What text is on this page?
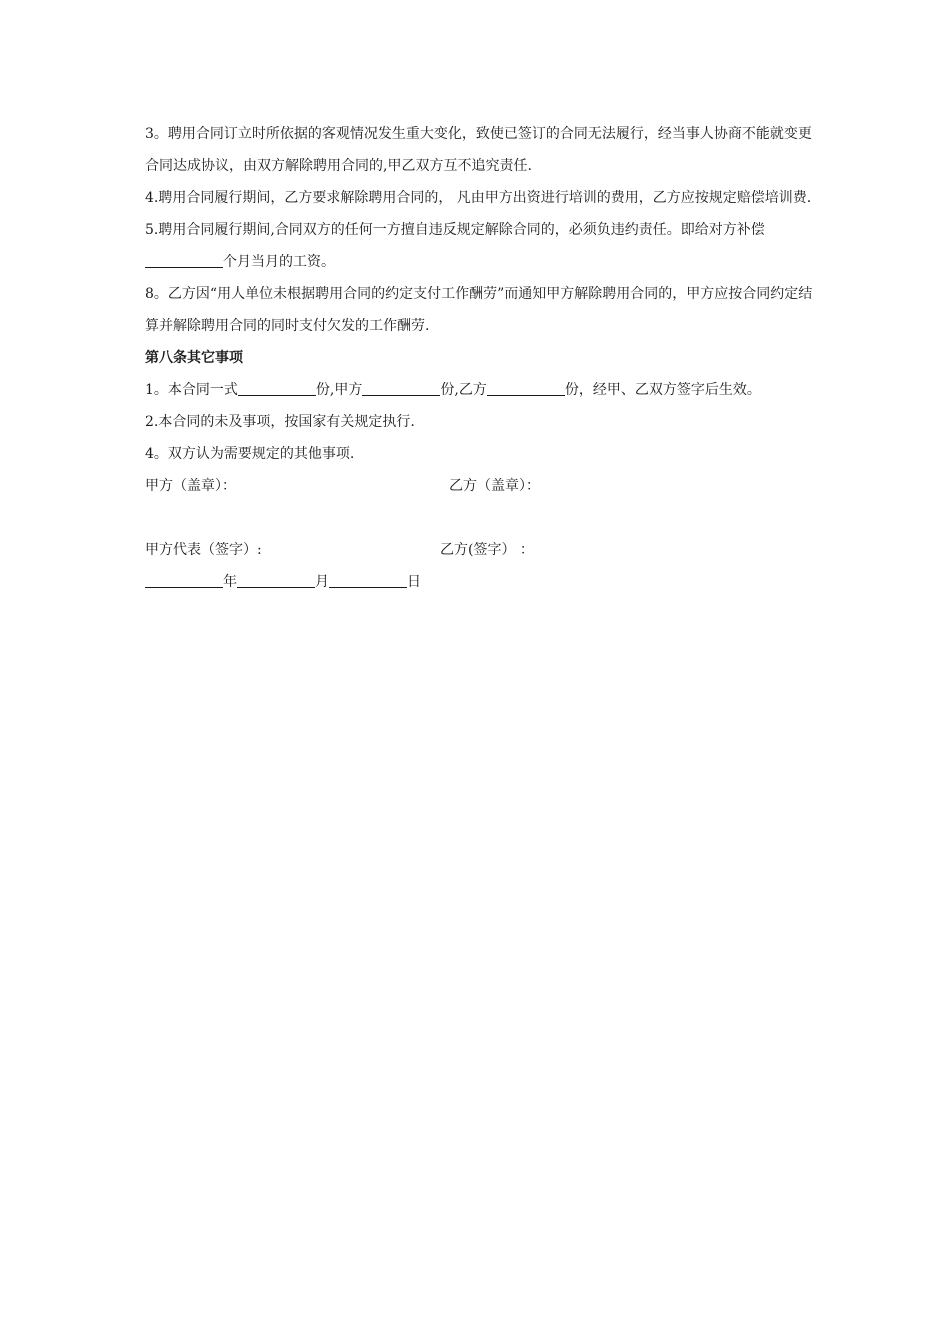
3。聘用合同订立时所依据的客观情况发生重大变化，致使已签订的合同无法履行，经当事人协商不能就变更合同达成协议，由双方解除聘用合同的,甲乙双方互不追究责任.

4.聘用合同履行期间，乙方要求解除聘用合同的， 凡由甲方出资进行培训的费用，乙方应按规定赔偿培训费.

5.聘用合同履行期间,合同双方的任何一方擅自违反规定解除合同的，必须负违约责任。即给对方补偿个月当月的工资。

8。乙方因“用人单位未根据聘用合同的约定支付工作酬劳”而通知甲方解除聘用合同的，甲方应按合同约定结算并解除聘用合同的同时支付欠发的工作酬劳.

第八条其它事项

1。本合同一式	份,甲方	份,乙方	份，经甲、乙双方签字后生效。

2.本合同的未及事项，按国家有关规定执行.

4。双方认为需要规定的其他事项.

甲方（盖章）：	乙方（盖章）：
甲方代表（签字）:	乙方(签字） ：

年	月	日
